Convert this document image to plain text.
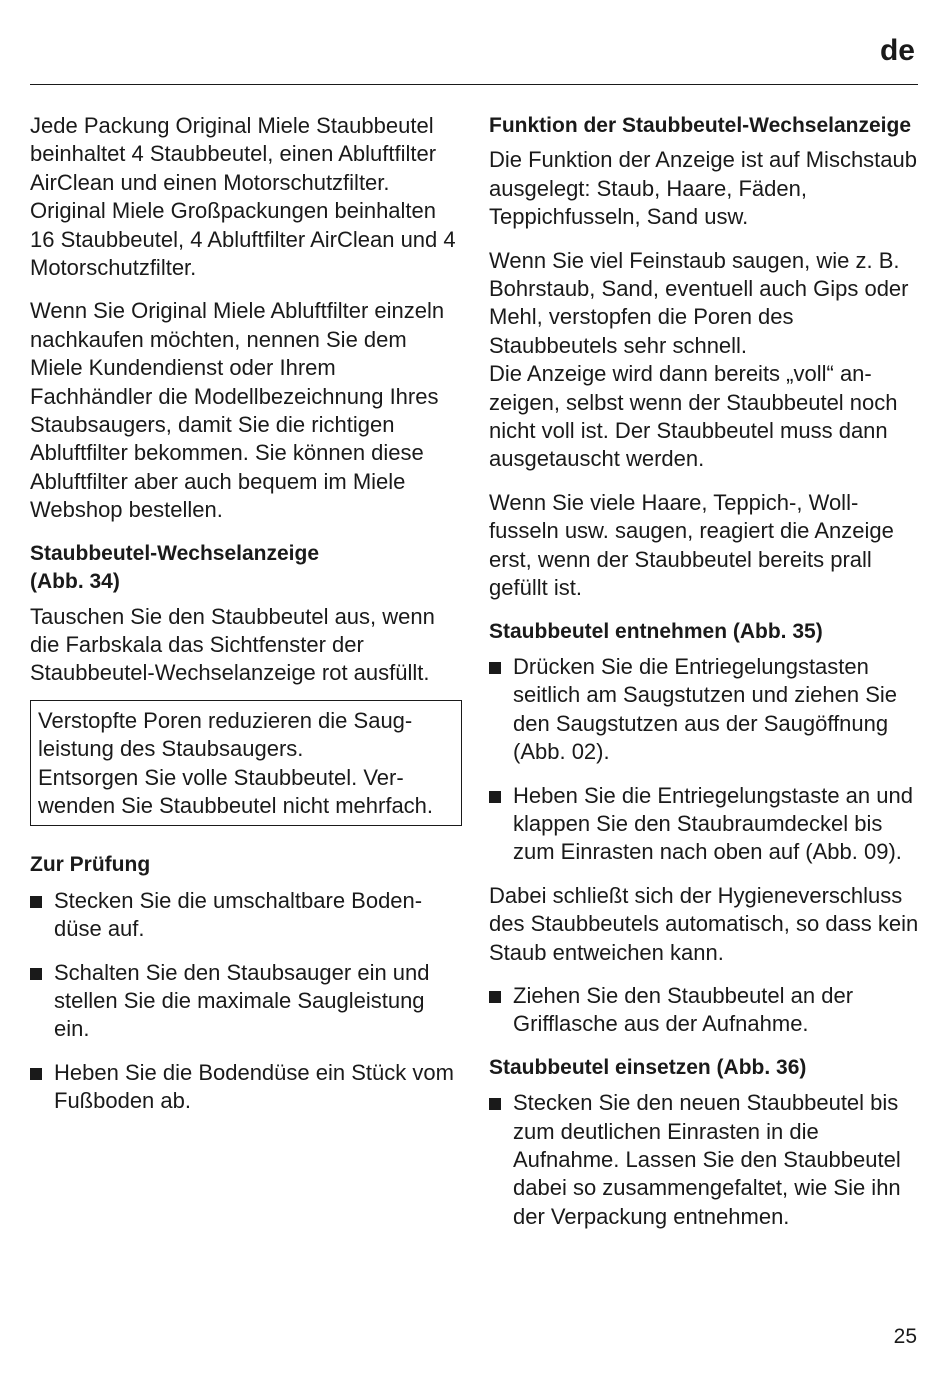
de

Jede Packung Original Miele Staubbeutel beinhaltet 4 Staubbeutel, einen Abluftfilter AirClean und einen Motorschutzfilter. Original Miele Großpackungen beinhalten 16 Staubbeutel, 4 Abluftfilter AirClean und 4 Motorschutzfilter.

Wenn Sie Original Miele Abluftfilter einzeln nachkaufen möchten, nennen Sie dem Miele Kundendienst oder Ihrem Fachhändler die Modellbezeichnung Ihres Staubsaugers, damit Sie die richtigen Abluftfilter bekommen. Sie können diese Abluftfilter aber auch bequem im Miele Webshop bestellen.

Staubbeutel-Wechselanzeige
(Abb. 34)

Tauschen Sie den Staubbeutel aus, wenn die Farbskala das Sichtfenster der Staubbeutel-Wechselanzeige rot ausfüllt.

Verstopfte Poren reduzieren die Saugleistung des Staubsaugers.

Entsorgen Sie volle Staubbeutel. Verwenden Sie Staubbeutel nicht mehrfach.

Zur Prüfung
Stecken Sie die umschaltbare Bodendüse auf.
Schalten Sie den Staubsauger ein und stellen Sie die maximale Saugleistung ein.
Heben Sie die Bodendüse ein Stück vom Fußboden ab.
Funktion der Staubbeutel-Wechselanzeige

Die Funktion der Anzeige ist auf Mischstaub ausgelegt: Staub, Haare, Fäden, Teppichfusseln, Sand usw.

Wenn Sie viel Feinstaub saugen, wie z. B. Bohrstaub, Sand, eventuell auch Gips oder Mehl, verstopfen die Poren des Staubbeutels sehr schnell.

Die Anzeige wird dann bereits „voll“ anzeigen, selbst wenn der Staubbeutel noch nicht voll ist. Der Staubbeutel muss dann ausgetauscht werden.

Wenn Sie viele Haare, Teppich-, Wollfusseln usw. saugen, reagiert die Anzeige erst, wenn der Staubbeutel bereits prall gefüllt ist.

Staubbeutel entnehmen (Abb. 35)
Drücken Sie die Entriegelungstasten seitlich am Saugstutzen und ziehen Sie den Saugstutzen aus der Saugöffnung (Abb. 02).
Heben Sie die Entriegelungstaste an und klappen Sie den Staubraumdeckel bis zum Einrasten nach oben auf (Abb. 09).

Dabei schließt sich der Hygieneverschluss des Staubbeutels automatisch, so dass kein Staub entweichen kann.

Ziehen Sie den Staubbeutel an der Grifflasche aus der Aufnahme.
Staubbeutel einsetzen (Abb. 36)
Stecken Sie den neuen Staubbeutel bis zum deutlichen Einrasten in die Aufnahme. Lassen Sie den Staubbeutel dabei so zusammengefaltet, wie Sie ihn der Verpackung entnehmen.
25
